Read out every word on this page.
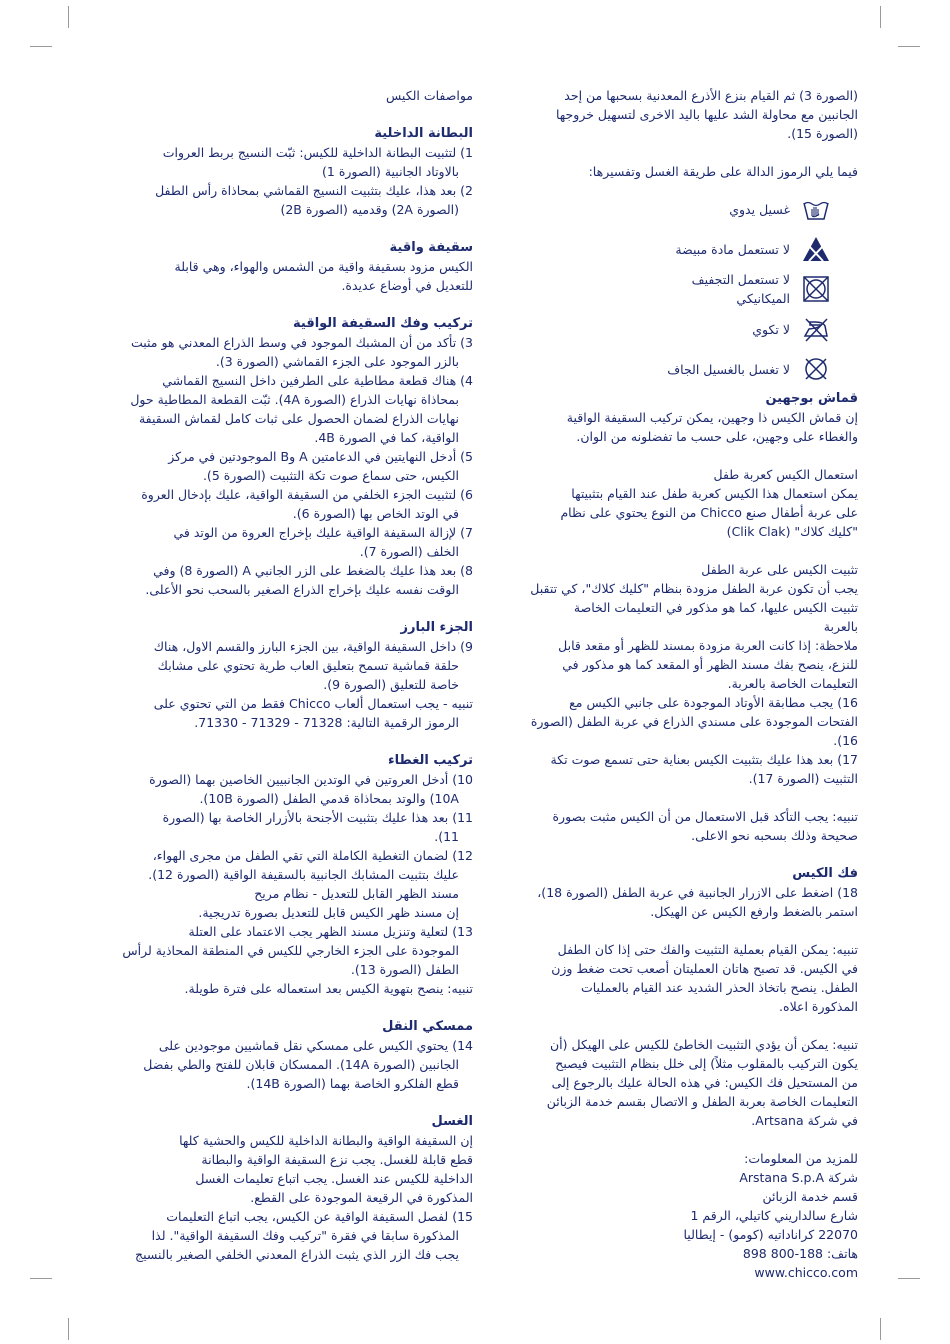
(الصورة 3) ثم القيام بنزع الأذرع المعدنية بسحبها من إحد

الجانبين مع محاولة الشد عليها باليد الاخرى لتسهيل خروجها

(الصورة 15).

فيما يلي الرموز الدالة على طريقة الغسل وتفسيرها:

غسيل يدوي
لا تستعمل مادة مبيضة
لا تستعمل التجفيف الميكانيكي
لا تكوي
لا تغسل بالغسيل الجاف

قماش بوجهين

إن قماش الكيس ذا وجهين، يمكن تركيب السقيفة الواقية

والغطاء على وجهين، على حسب ما تفضلونه من الوان.

استعمال الكيس كعربة طفل

يمكن استعمال هذا الكيس كعربة طفل عند القيام بتثبيتها

على عربة أطفال صنع Chicco من النوع يحتوي على نظام

"كليك كلاك" (Clik Clak)

تثبيت الكيس على عربة الطفل

يجب أن تكون عربة الطفل مزودة بنظام "كليك كلاك"، كي تتقبل

تثبيت الكيس عليها، كما هو مذكور في التعليمات الخاصة

بالعربة

ملاحظة: إذا كانت العربة مزودة بمسند للظهر أو مقعد قابل

للنزع، ينصح بفك مسند الظهر أو المقعد كما هو مذكور في

التعليمات الخاصة بالعربة.

16) يجب مطابقة الأوتاد الموجودة على جانبي الكيس مع

الفتحات الموجودة على مسندي الذراع في عربة الطفل (الصورة

16).

17) بعد هذا عليك بتثبيت الكيس بعناية حتى تسمع صوت تكة

التثبيت (الصورة 17).

تنبيه: يجب التأكد قبل الاستعمال من أن الكيس مثبت بصورة

صحيحة وذلك بسحبه نحو الاعلى.

فك الكيس

18) اضغط على الازرار الجانبية في عربة الطفل (الصورة 18)،

استمر بالضغط وارفع الكيس عن الهيكل.

تنبيه: يمكن القيام بعملية التثبيت والفك حتى إذا كان الطفل

في الكيس. قد تصبح هاتان العمليتان أصعب تحت ضغط وزن

الطفل. ينصح باتخاذ الحذر الشديد عند القيام بالعمليات

المذكورة اعلاه.

تنبيه: يمكن أن يؤدي التثبيت الخاطئ للكيس على الهيكل (أن

يكون التركيب بالمقلوب مثلاً) إلى خلل بنظام التثبيت فيصبح

من المستحيل فك الكيس: في هذه الحالة عليك بالرجوع إلى

التعليمات الخاصة بعربة الطفل و الاتصال بقسم خدمة الزبائن

في شركة Artsana.

للمزيد من المعلومات:

شركة Arstana S.p.A

قسم خدمة الزبائن

شارع سالداريني كاتيلي، الرقم 1

22070 كراناداتيه (كومو) - إيطاليا

هاتف: 188-800 898

www.chicco.com

مواصفات الكيس

البطانة الداخلية

1) لتثبيت البطانة الداخلية للكيس: ثبّت النسيج بربط العروات

بالاوتاد الجانبية (الصورة 1)

2) بعد هذا، عليك بتثبيت النسيج القماشي بمحاذاة رأس الطفل

(الصورة 2A) وقدميه (الصورة 2B)

سقيفة واقية

الكيس مزود بسقيفة واقية من الشمس والهواء، وهي قابلة

للتعديل في أوضاع عديدة.

تركيب وفك السقيفة الواقية

3) تأكد من أن المشبك الموجود في وسط الذراع المعدني هو مثبت

بالزر الموجود على الجزء القماشي (الصورة 3).

4) هناك قطعة مطاطية على الطرفين داخل النسيج القماشي

بمحاذاة نهايات الذراع (الصورة 4A). ثبّت القطعة المطاطية حول

نهايات الذراع لضمان الحصول على ثبات كامل لقماش السقيفة

الواقية، كما في الصورة 4B.

5) أدخل النهايتين في الدعامتين A وB الموجودتين في مركز

الكيس، حتى سماع صوت تكة التثبيت (الصورة 5).

6) لتثبيت الجزء الخلفي من السقيفة الواقية، عليك بإدخال العروة

في الوتد الخاص بها (الصورة 6).

7) لإزالة السقيفة الواقية عليك بإخراج العروة من الوتد في

الخلف (الصورة 7).

8) بعد هذا عليك بالضغط على الزر الجانبي A (الصورة 8) وفي

الوقت نفسه عليك بإخراج الذراع الصغير بالسحب نحو الأعلى.

الجزء البارز

9) داخل السقيفة الواقية، بين الجزء البارز والقسم الاول، هناك

حلقة قماشية تسمح بتعليق العاب طرية تحتوي على مشابك

خاصة للتعليق (الصورة 9).

تنبيه - يجب استعمال ألعاب Chicco فقط من التي تحتوي على

الرموز الرقمية التالية: 71328 - 71329 - 71330.

تركيب الغطاء

10) أدخل العروتين في الوتدين الجانبيين الخاصين بهما (الصورة

10A) والوتد بمحاذاة قدمي الطفل (الصورة 10B).

11) بعد هذا عليك بتثبيت الأجنحة بالأزرار الخاصة بها (الصورة

11).

12) لضمان التغطية الكاملة التي تقي الطفل من مجرى الهواء،

عليك بتثبيت المشابك الجانبية بالسقيفة الواقية (الصورة 12).

مسند الظهر القابل للتعديل - نظام مريح

إن مسند ظهر الكيس قابل للتعديل بصورة تدريجية.

13) لتعلية وتنزيل مسند الظهر يجب الاعتماد على العتلة

الموجودة على الجزء الخارجي للكيس في المنطقة المحاذية لرأس

الطفل (الصورة 13).

تنبيه: ينصح بتهوية الكيس بعد استعماله على فترة طويلة.

ممسكي النقل

14) يحتوي الكيس على ممسكي نقل قماشيين موجودين على

الجانبين (الصورة 14A). الممسكان قابلان للفتح والطي بفضل

قطع الفلكرو الخاصة بهما (الصورة 14B).

الغسل

إن السقيفة الواقية والبطانة الداخلية للكيس والحشية كلها

قطع قابلة للغسل. يجب نزع السقيفة الواقية والبطانة

الداخلية للكيس عند الغسل. يجب اتباع تعليمات الغسل

المذكورة في الرقيعة الموجودة على القطع.

15) لفصل السقيفة الواقية عن الكيس، يجب اتباع التعليمات

المذكورة سابقا في فقرة "تركيب وفك السقيفة الواقية". لذا

يجب فك الزر الذي يثبت الذراع المعدني الخلفي الصغير بالنسيج
